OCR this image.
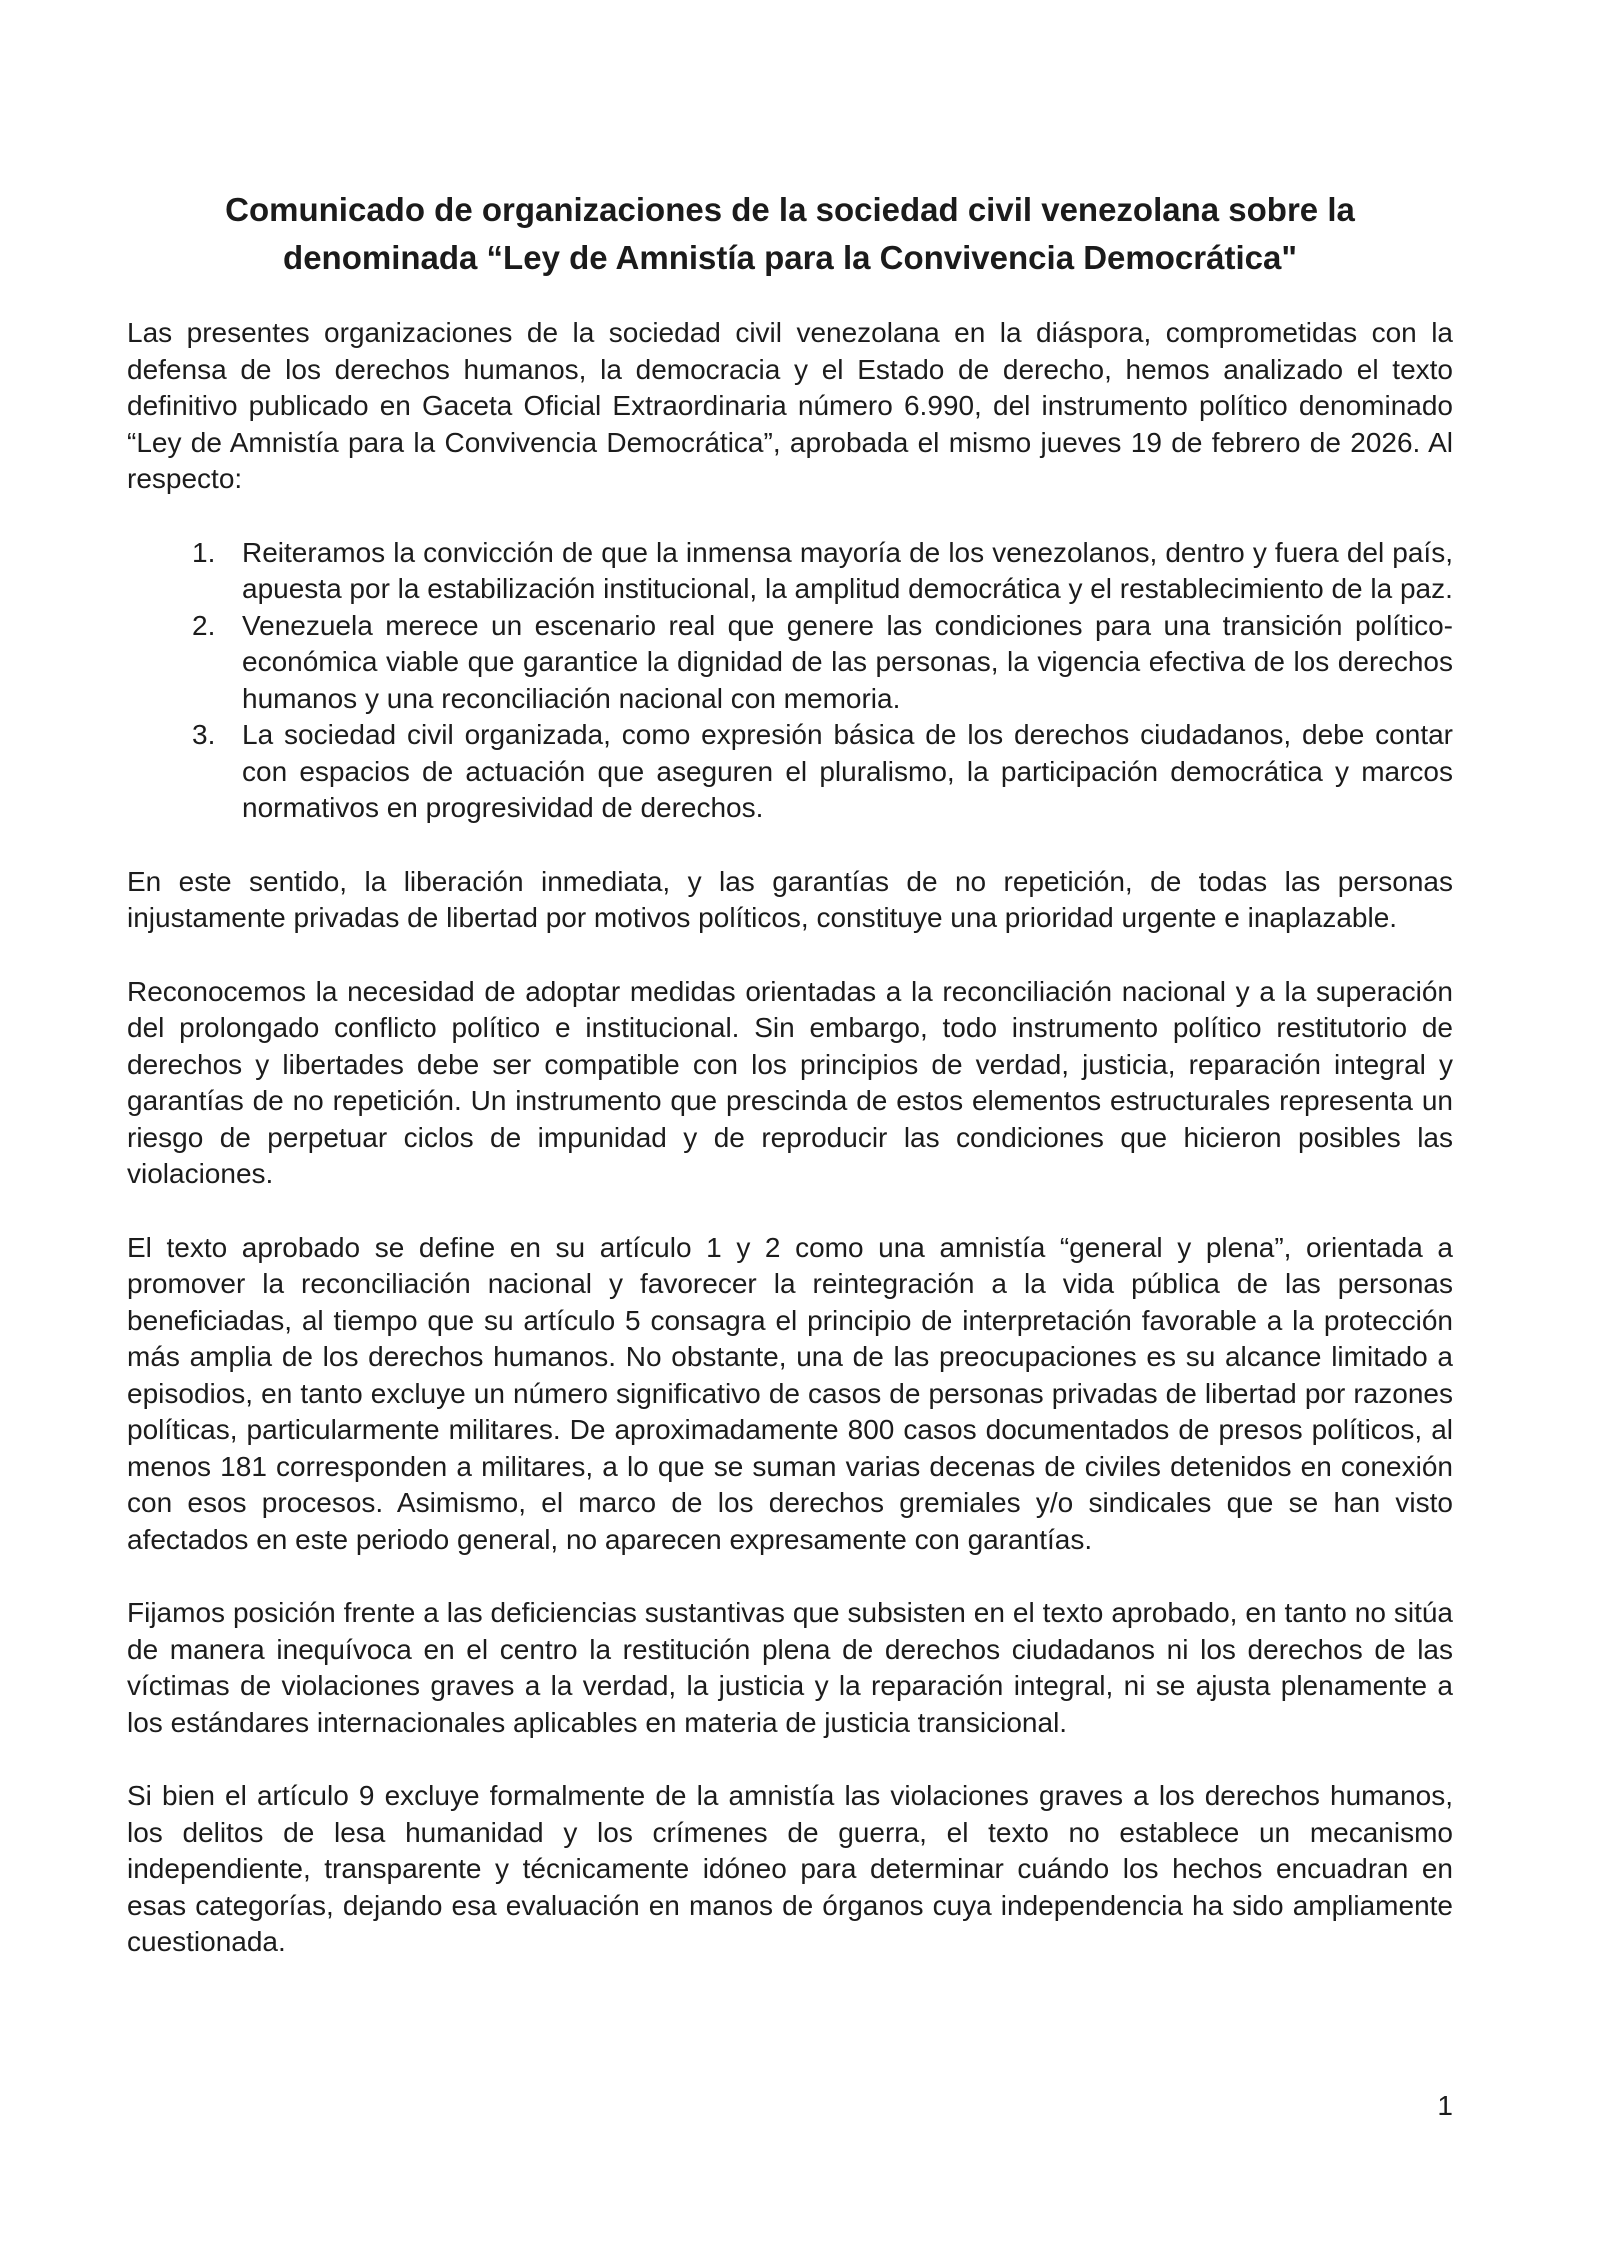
Comunicado de organizaciones de la sociedad civil venezolana sobre la denominada “Ley de Amnistía para la Convivencia Democrática"

Las presentes organizaciones de la sociedad civil venezolana en la diáspora, comprometidas con la defensa de los derechos humanos, la democracia y el Estado de derecho, hemos analizado el texto definitivo publicado en Gaceta Oficial Extraordinaria número 6.990, del instrumento político denominado “Ley de Amnistía para la Convivencia Democrática”, aprobada el mismo jueves 19 de febrero de 2026. Al respecto:

1. Reiteramos la convicción de que la inmensa mayoría de los venezolanos, dentro y fuera del país, apuesta por la estabilización institucional, la amplitud democrática y el restablecimiento de la paz.
2. Venezuela merece un escenario real que genere las condiciones para una transición político-económica viable que garantice la dignidad de las personas, la vigencia efectiva de los derechos humanos y una reconciliación nacional con memoria.
3. La sociedad civil organizada, como expresión básica de los derechos ciudadanos, debe contar con espacios de actuación que aseguren el pluralismo, la participación democrática y marcos normativos en progresividad de derechos.

En este sentido, la liberación inmediata, y las garantías de no repetición, de todas las personas injustamente privadas de libertad por motivos políticos, constituye una prioridad urgente e inaplazable.

Reconocemos la necesidad de adoptar medidas orientadas a la reconciliación nacional y a la superación del prolongado conflicto político e institucional. Sin embargo, todo instrumento político restitutorio de derechos y libertades debe ser compatible con los principios de verdad, justicia, reparación integral y garantías de no repetición. Un instrumento que prescinda de estos elementos estructurales representa un riesgo de perpetuar ciclos de impunidad y de reproducir las condiciones que hicieron posibles las violaciones.

El texto aprobado se define en su artículo 1 y 2 como una amnistía “general y plena”, orientada a promover la reconciliación nacional y favorecer la reintegración a la vida pública de las personas beneficiadas, al tiempo que su artículo 5 consagra el principio de interpretación favorable a la protección más amplia de los derechos humanos. No obstante, una de las preocupaciones es su alcance limitado a episodios, en tanto excluye un número significativo de casos de personas privadas de libertad por razones políticas, particularmente militares. De aproximadamente 800 casos documentados de presos políticos, al menos 181 corresponden a militares, a lo que se suman varias decenas de civiles detenidos en conexión con esos procesos. Asimismo, el marco de los derechos gremiales y/o sindicales que se han visto afectados en este periodo general, no aparecen expresamente con garantías.

Fijamos posición frente a las deficiencias sustantivas que subsisten en el texto aprobado, en tanto no sitúa de manera inequívoca en el centro la restitución plena de derechos ciudadanos ni los derechos de las víctimas de violaciones graves a la verdad, la justicia y la reparación integral, ni se ajusta plenamente a los estándares internacionales aplicables en materia de justicia transicional.

Si bien el artículo 9 excluye formalmente de la amnistía las violaciones graves a los derechos humanos, los delitos de lesa humanidad y los crímenes de guerra, el texto no establece un mecanismo independiente, transparente y técnicamente idóneo para determinar cuándo los hechos encuadran en esas categorías, dejando esa evaluación en manos de órganos cuya independencia ha sido ampliamente cuestionada.

1
